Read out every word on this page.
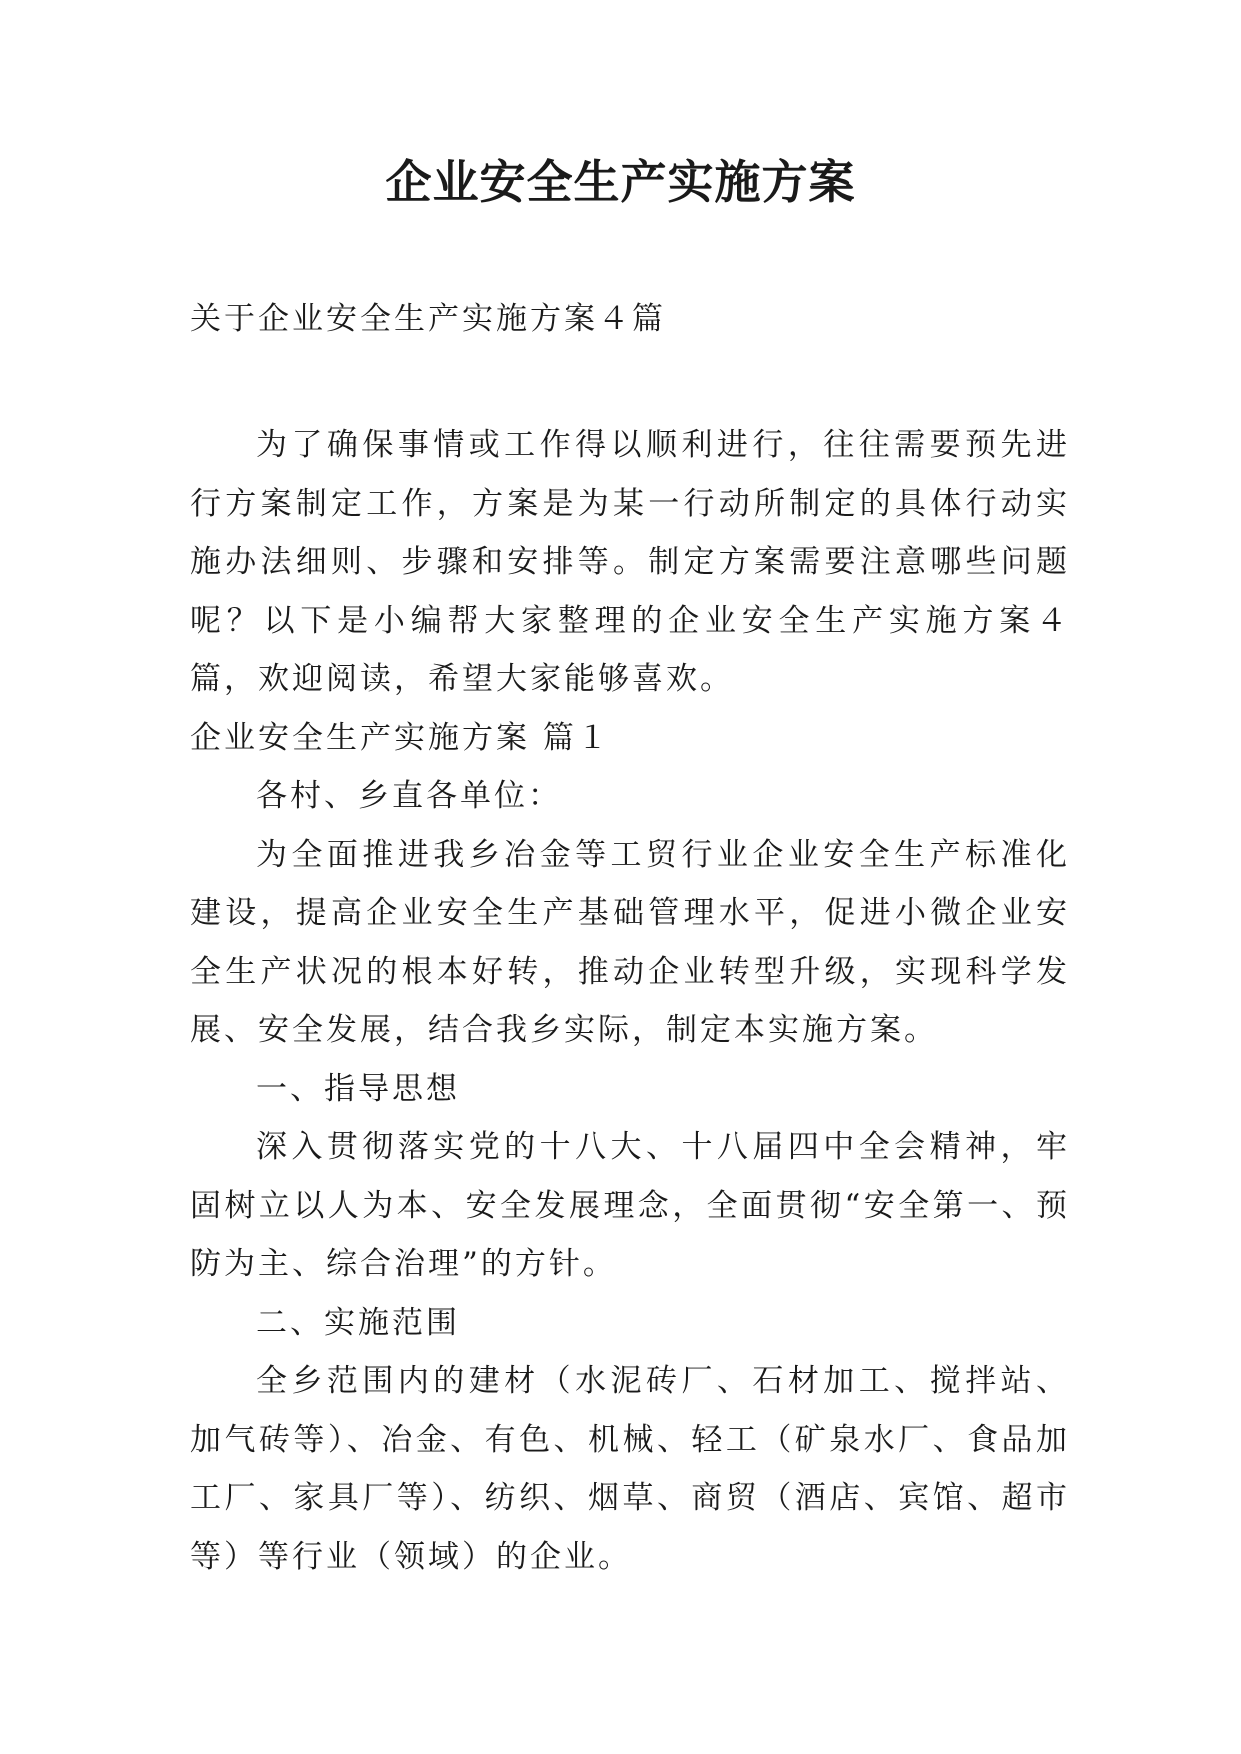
企业安全生产实施方案

关于企业安全生产实施方案４篇

为了确保事情或工作得以顺利进行，往往需要预先进行方案制定工作，方案是为某一行动所制定的具体行动实施办法细则、步骤和安排等。制定方案需要注意哪些问题呢？以下是小编帮大家整理的企业安全生产实施方案４篇，欢迎阅读，希望大家能够喜欢。

企业安全生产实施方案 篇１

各村、乡直各单位：

为全面推进我乡冶金等工贸行业企业安全生产标准化建设，提高企业安全生产基础管理水平，促进小微企业安全生产状况的根本好转，推动企业转型升级，实现科学发展、安全发展，结合我乡实际，制定本实施方案。

一、指导思想

深入贯彻落实党的十八大、十八届四中全会精神，牢固树立以人为本、安全发展理念，全面贯彻“安全第一、预防为主、综合治理”的方针。

二、实施范围

全乡范围内的建材（水泥砖厂、石材加工、搅拌站、加气砖等）、冶金、有色、机械、轻工（矿泉水厂、食品加工厂、家具厂等）、纺织、烟草、商贸（酒店、宾馆、超市等）等行业（领域）的企业。
